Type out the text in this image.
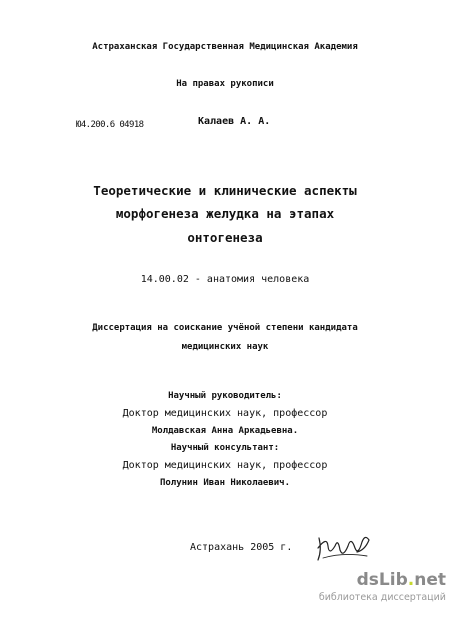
Астраханская Государственная Медицинская Академия
На правах рукописи
Ю4.200.6 04918	Калаев А. А.
Теоретические и клинические аспекты
морфогенеза желудка на этапах
онтогенеза
14.00.02 - анатомия человека
Диссертация на соискание учёной степени кандидата
медицинских наук
Научный руководитель:
Доктор медицинских наук, профессор
Молдавская Анна Аркадьевна.
Научный консультант:
Доктор медицинских наук, профессор
Полунин Иван Николаевич.
Астрахань 2005 г.
dsLib.net
библиотека диссертаций
